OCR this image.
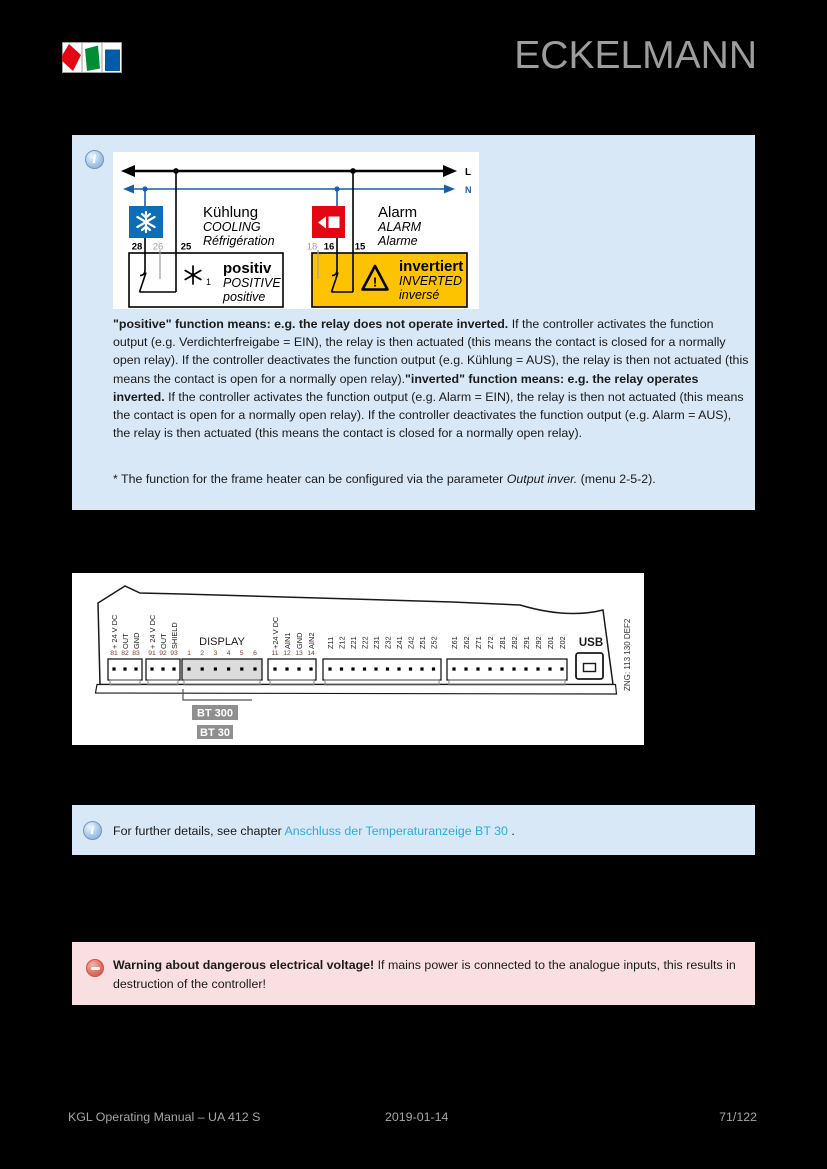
ECKELMANN
i
L
N
28 26 25	18 16 15
Kühlung
COOLING
Réfrigération
Alarm
ALARM
Alarme
1
positiv
POSITIVE
positive
!
invertiert
INVERTED
inversé

"positive" function means: e.g. the relay does not operate inverted. If the controller activates the function output (e.g. Verdichterfreigabe = EIN), the relay is then actuated (this means the contact is closed for a normally open relay). If the controller deactivates the function output (e.g. Kühlung = AUS), the relay is then not actuated (this means the contact is open for a normally open relay)."inverted" function means: e.g. the relay operates inverted. If the controller activates the function output (e.g. Alarm = EIN), the relay is then not actuated (this means the contact is open for a normally open relay). If the controller deactivates the function output (e.g. Alarm = AUS), the relay is then actuated (this means the contact is closed for a normally open relay).

* The function for the frame heater can be configured via the parameter Output inver. (menu 2-5-2).

81 82 83 91 92 93 1 2 3 4 5 6 11 12 13 14
+ 24 V DC OUT GND + 24 V DC OUT SHIELD	+24 V DC AIN1 GND AIN2 Z11 Z12 Z21 Z22 Z31 Z32 Z41 Z42 Z51 Z52 Z61 Z62 Z71 Z72 Z81 Z82 Z91 Z92 Z01 Z02
DISPLAY	USB ZNG: 113 130 DEF2
BT 300
BT 30
i	For further details, see chapter Anschluss der Temperaturanzeige BT 30 .
Warning about dangerous electrical voltage! If mains power is connected to the analogue inputs, this results in destruction of the controller!
KGL Operating Manual – UA 412 S	2019-01-14	71/122
